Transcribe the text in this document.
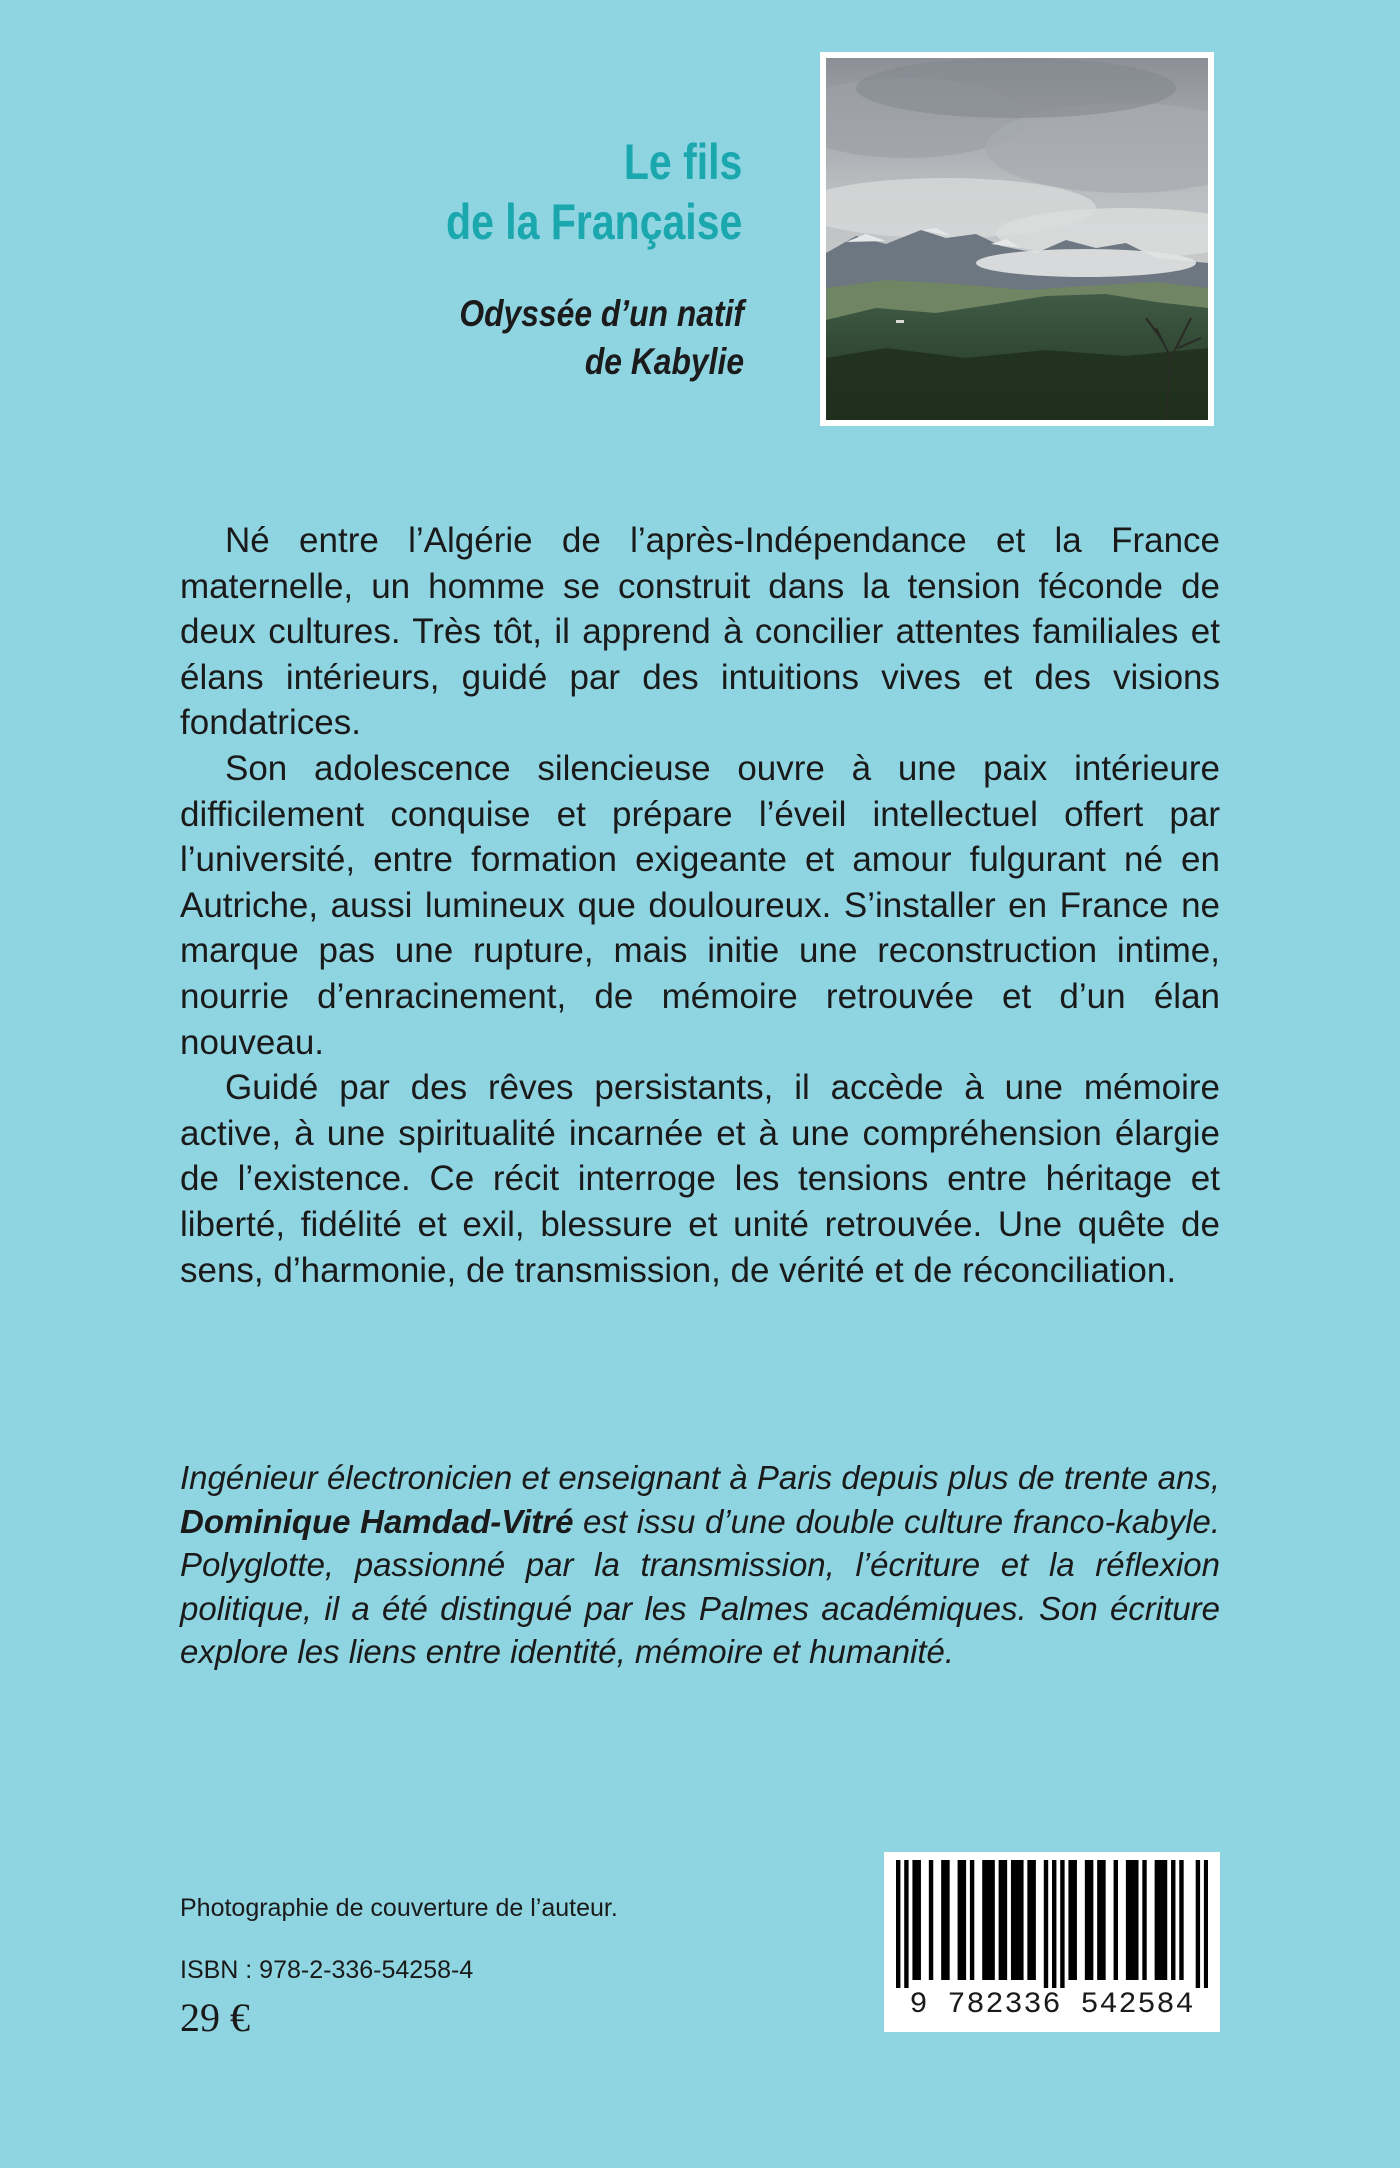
Le fils
de la Française
Odyssée d’un natif
de Kabylie

Né entre l’Algérie de l’après-Indépendance et la France maternelle, un homme se construit dans la tension féconde de deux cultures. Très tôt, il apprend à concilier attentes familiales et élans intérieurs, guidé par des intuitions vives et des visions fondatrices.

Son adolescence silencieuse ouvre à une paix intérieure difficilement conquise et prépare l’éveil intellectuel offert par l’université, entre formation exigeante et amour fulgurant né en Autriche, aussi lumineux que douloureux. S’installer en France ne marque pas une rupture, mais initie une reconstruction intime, nourrie d’enracinement, de mémoire retrouvée et d’un élan nouveau.

Guidé par des rêves persistants, il accède à une mémoire active, à une spiritualité incarnée et à une compréhension élargie de l’existence. Ce récit interroge les tensions entre héritage et liberté, fidélité et exil, blessure et unité retrouvée. Une quête de sens, d’harmonie, de transmission, de vérité et de réconciliation.

Ingénieur électronicien et enseignant à Paris depuis plus de trente ans, Dominique Hamdad-Vitré est issu d’une double culture franco-kabyle. Polyglotte, passionné par la transmission, l’écriture et la réflexion politique, il a été distingué par les Palmes académiques. Son écriture explore les liens entre identité, mémoire et humanité.

Photographie de couverture de l’auteur.
ISBN : 978-2-336-54258-4
29 €	9 782336 542584
